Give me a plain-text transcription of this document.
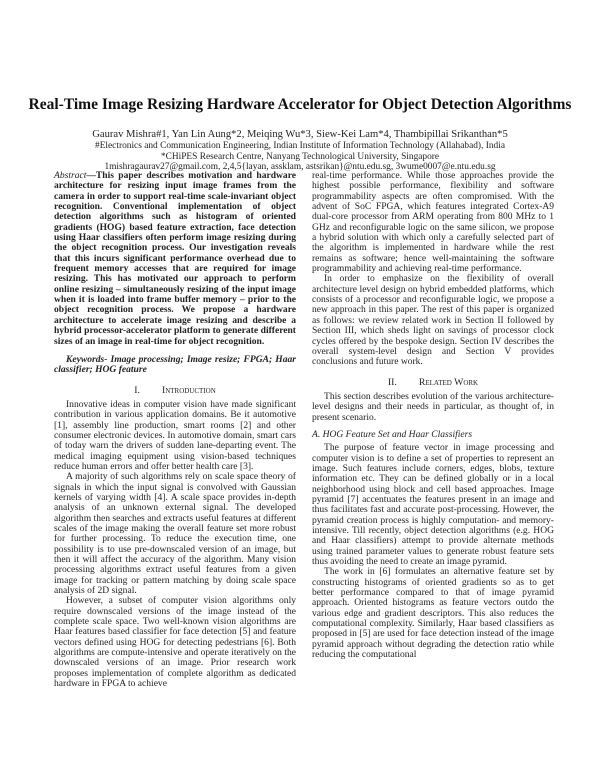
Real-Time Image Resizing Hardware Accelerator for Object Detection Algorithms
Gaurav Mishra#1, Yan Lin Aung*2, Meiqing Wu*3, Siew-Kei Lam*4, Thambipillai Srikanthan*5
#Electronics and Communication Engineering, Indian Institute of Information Technology (Allahabad), India
*CHiPES Research Centre, Nanyang Technological University, Singapore
1mishragaurav27@gmail.com, 2,4,5{layan, assklam, astsrikan}@ntu.edu.sg, 3wume0007@e.ntu.edu.sg

Abstract—This paper describes motivation and hardware architecture for resizing input image frames from the camera in order to support real-time scale-invariant object recognition. Conventional implementation of object detection algorithms such as histogram of oriented gradients (HOG) based feature extraction, face detection using Haar classifiers often perform image resizing during the object recognition process. Our investigation reveals that this incurs significant performance overhead due to frequent memory accesses that are required for image resizing. This has motivated our approach to perform online resizing – simultaneously resizing of the input image when it is loaded into frame buffer memory – prior to the object recognition process. We propose a hardware architecture to accelerate image resizing and describe a hybrid processor-accelerator platform to generate different sizes of an image in real-time for object recognition.

Keywords- Image processing; Image resize; FPGA; Haar classifier; HOG feature

I. Introduction

Innovative ideas in computer vision have made significant contribution in various application domains. Be it automotive [1], assembly line production, smart rooms [2] and other consumer electronic devices. In automotive domain, smart cars of today warn the drivers of sudden lane-departing event. The medical imaging equipment using vision-based techniques reduce human errors and offer better health care [3].

A majority of such algorithms rely on scale space theory of signals in which the input signal is convolved with Gaussian kernels of varying width [4]. A scale space provides in-depth analysis of an unknown external signal. The developed algorithm then searches and extracts useful features at different scales of the image making the overall feature set more robust for further processing. To reduce the execution time, one possibility is to use pre-downscaled version of an image, but then it will affect the accuracy of the algorithm. Many vision processing algorithms extract useful features from a given image for tracking or pattern matching by doing scale space analysis of 2D signal.

However, a subset of computer vision algorithms only require downscaled versions of the image instead of the complete scale space. Two well-known vision algorithms are Haar features based classifier for face detection [5] and feature vectors defined using HOG for detecting pedestrians [6]. Both algorithms are compute-intensive and operate iteratively on the downscaled versions of an image. Prior research work proposes implementation of complete algorithm as dedicated hardware in FPGA to achieve

real-time performance. While those approaches provide the highest possible performance, flexibility and software programmability aspects are often compromised. With the advent of SoC FPGA, which features integrated Cortex-A9 dual-core processor from ARM operating from 800 MHz to 1 GHz and reconfigurable logic on the same silicon, we propose a hybrid solution with which only a carefully selected part of the algorithm is implemented in hardware while the rest remains as software; hence well-maintaining the software programmability and achieving real-time performance.

In order to emphasize on the flexibility of overall architecture level design on hybrid embedded platforms, which consists of a processor and reconfigurable logic, we propose a new approach in this paper. The rest of this paper is organized as follows: we review related work in Section II followed by Section III, which sheds light on savings of processor clock cycles offered by the bespoke design. Section IV describes the overall system-level design and Section V provides conclusions and future work.

II. Related Work

This section describes evolution of the various architecture-level designs and their needs in particular, as thought of, in present scenario.

A. HOG Feature Set and Haar Classifiers

The purpose of feature vector in image processing and computer vision is to define a set of properties to represent an image. Such features include corners, edges, blobs, texture information etc. They can be defined globally or in a local neighborhood using block and cell based approaches. Image pyramid [7] accentuates the features present in an image and thus facilitates fast and accurate post-processing. However, the pyramid creation process is highly computation- and memory-intensive. Till recently, object detection algorithms (e.g. HOG and Haar classifiers) attempt to provide alternate methods using trained parameter values to generate robust feature sets thus avoiding the need to create an image pyramid.

The work in [6] formulates an alternative feature set by constructing histograms of oriented gradients so as to get better performance compared to that of image pyramid approach. Oriented histograms as feature vectors outdo the various edge and gradient descriptors. This also reduces the computational complexity. Similarly, Haar based classifiers as proposed in [5] are used for face detection instead of the image pyramid approach without degrading the detection ratio while reducing the computational
